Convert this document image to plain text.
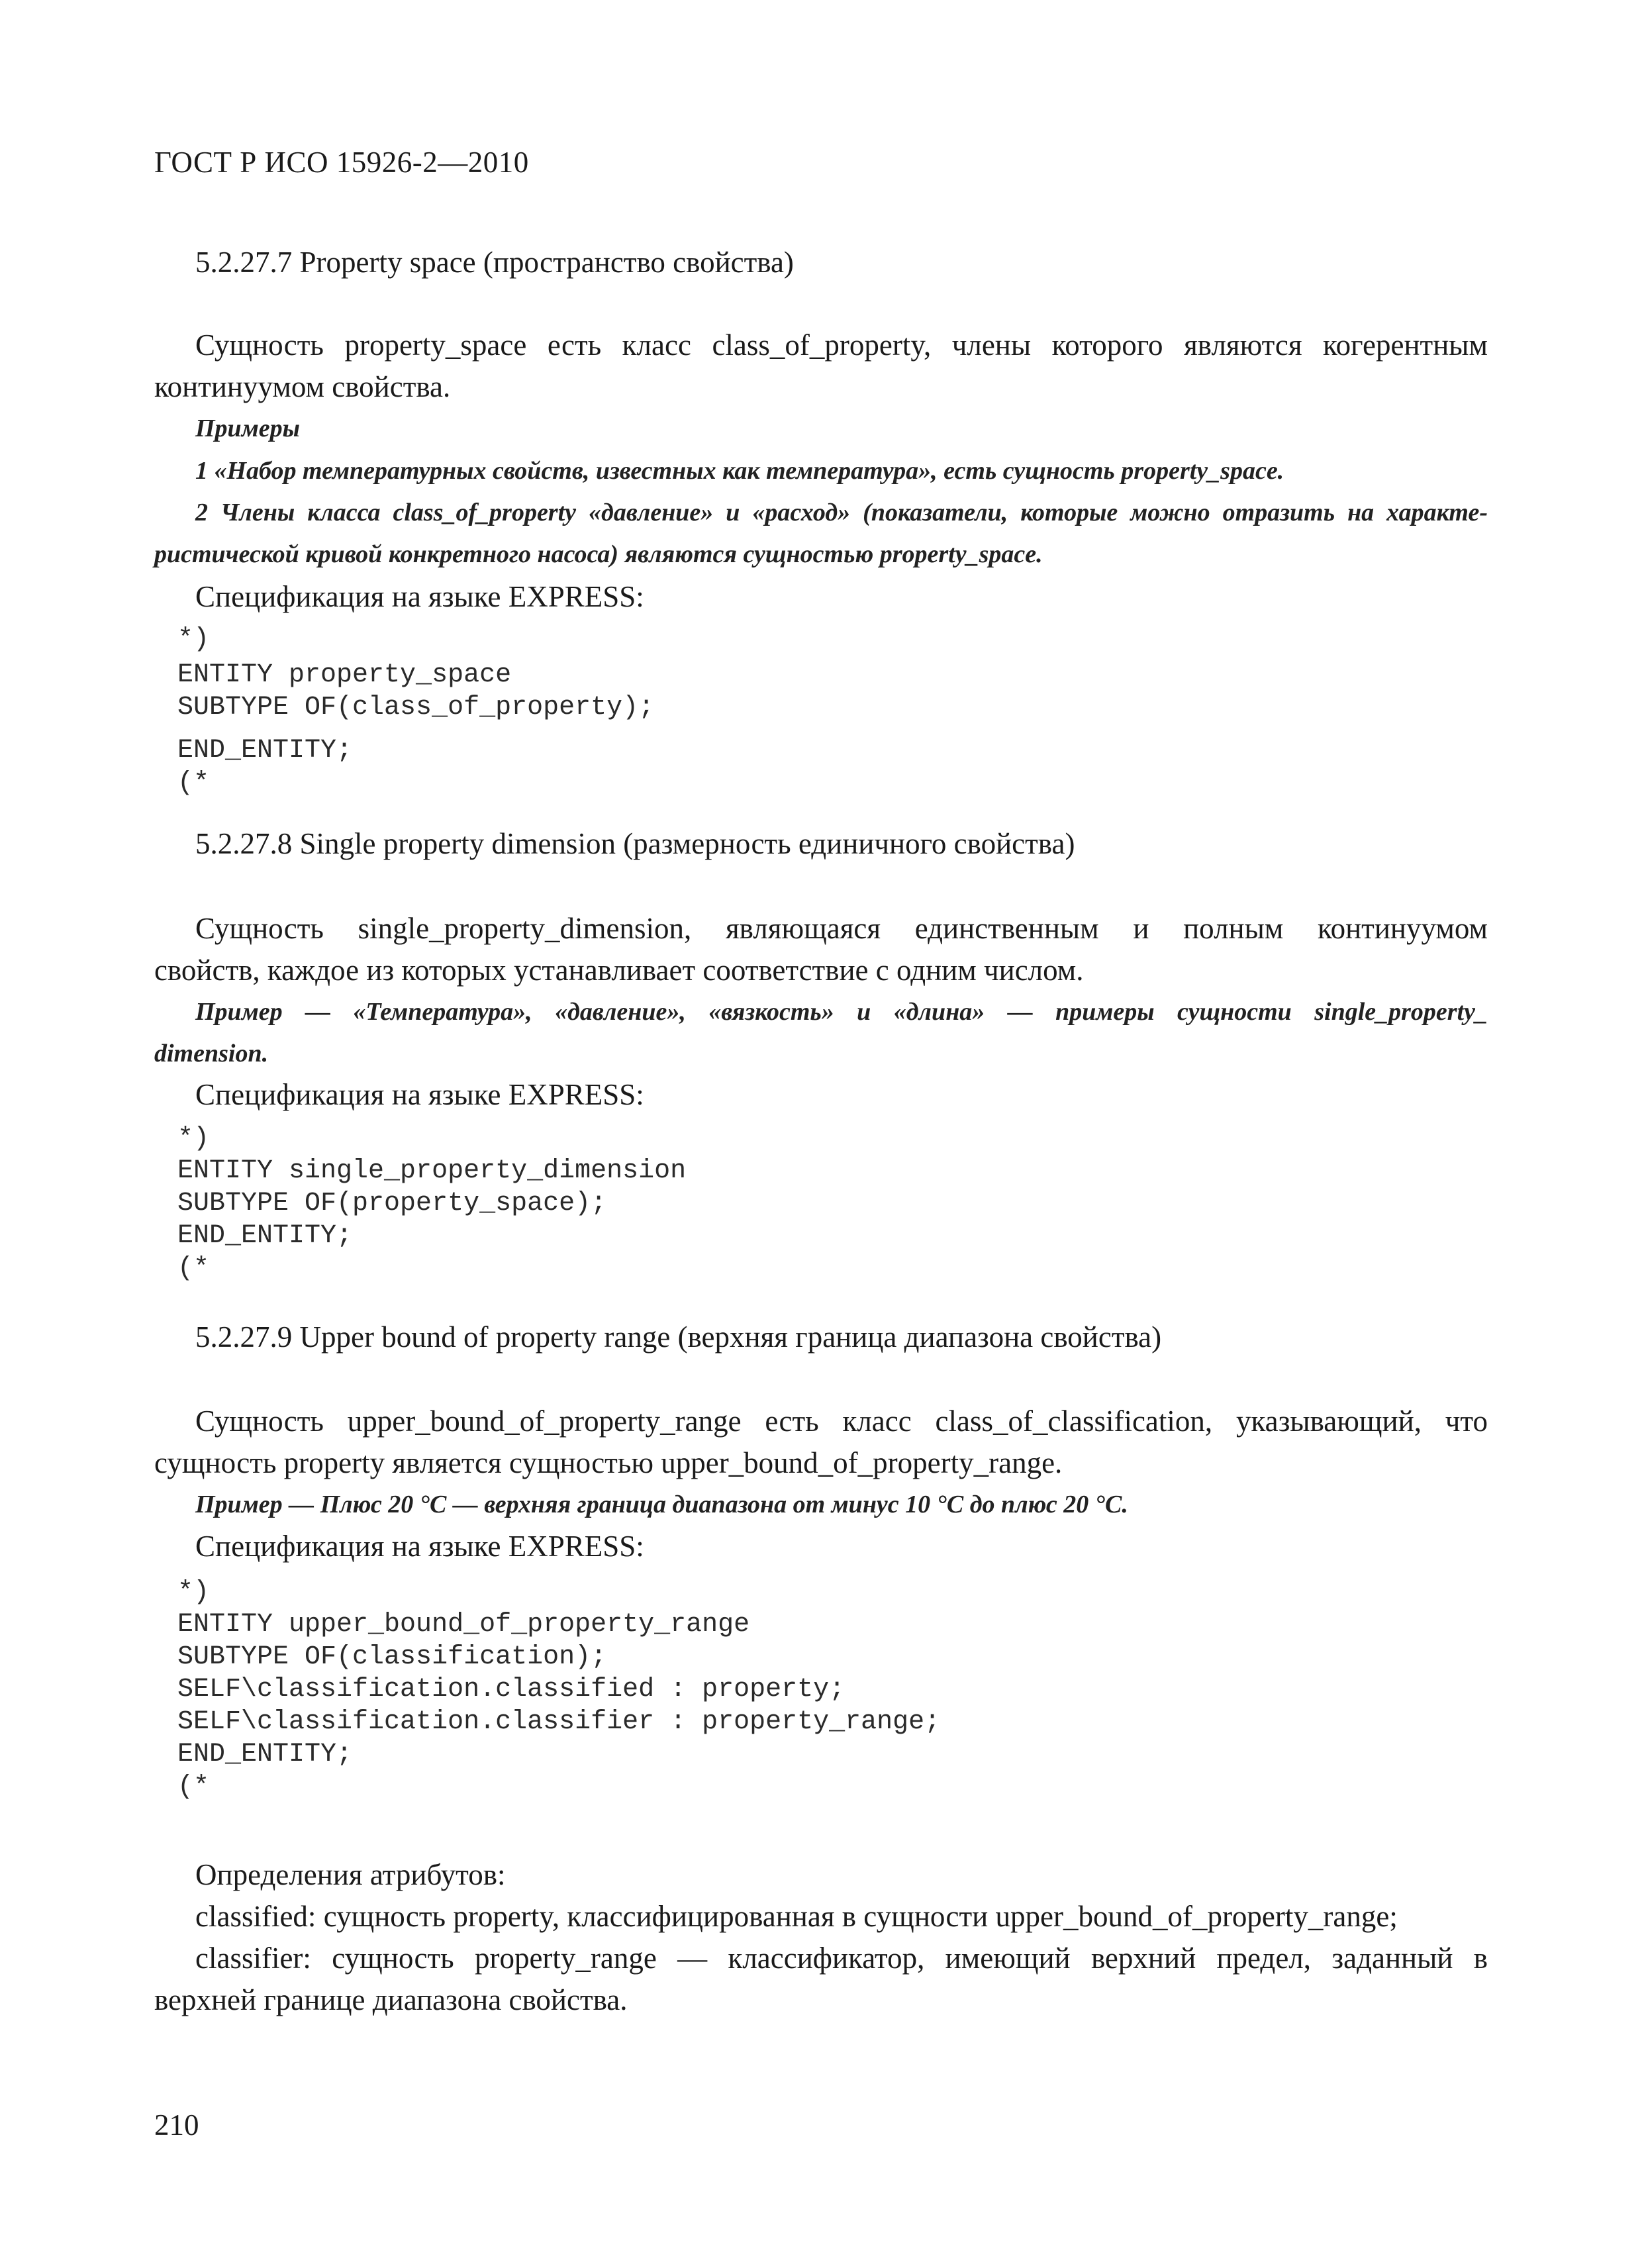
ГОСТ Р ИСО 15926-2—2010
5.2.27.7 Property space (пространство свойства)
Сущность property_space есть класс class_of_property, члены которого являются когерентным
континуумом свойства.
Примеры
1 «Набор температурных свойств, известных как температура», есть сущность property_space.
2 Члены класса class_of_property «давление» и «расход» (показатели, которые можно отразить на характе-
ристической кривой конкретного насоса) являются сущностью property_space.
Спецификация на языке EXPRESS:
*)
ENTITY property_space
SUBTYPE OF(class_of_property);
END_ENTITY;
(*
5.2.27.8 Single property dimension (размерность единичного свойства)
Сущность single_property_dimension, являющаяся единственным и полным континуумом
свойств, каждое из которых устанавливает соответствие с одним числом.
Пример — «Температура», «давление», «вязкость» и «длина» — примеры сущности single_property_
dimension.
Спецификация на языке EXPRESS:
*)
ENTITY single_property_dimension
SUBTYPE OF(property_space);
END_ENTITY;
(*
5.2.27.9 Upper bound of property range (верхняя граница диапазона свойства)
Сущность upper_bound_of_property_range есть класс class_of_classification, указывающий, что
сущность property является сущностью upper_bound_of_property_range.
Пример — Плюс 20 °С — верхняя граница диапазона от минус 10 °С до плюс 20 °С.
Спецификация на языке EXPRESS:
*)
ENTITY upper_bound_of_property_range
SUBTYPE OF(classification);
SELF\classification.classified : property;
SELF\classification.classifier : property_range;
END_ENTITY;
(*
Определения атрибутов:
classified: сущность property, классифицированная в сущности upper_bound_of_property_range;
classifier: сущность property_range — классификатор, имеющий верхний предел, заданный в
верхней границе диапазона свойства.
210
